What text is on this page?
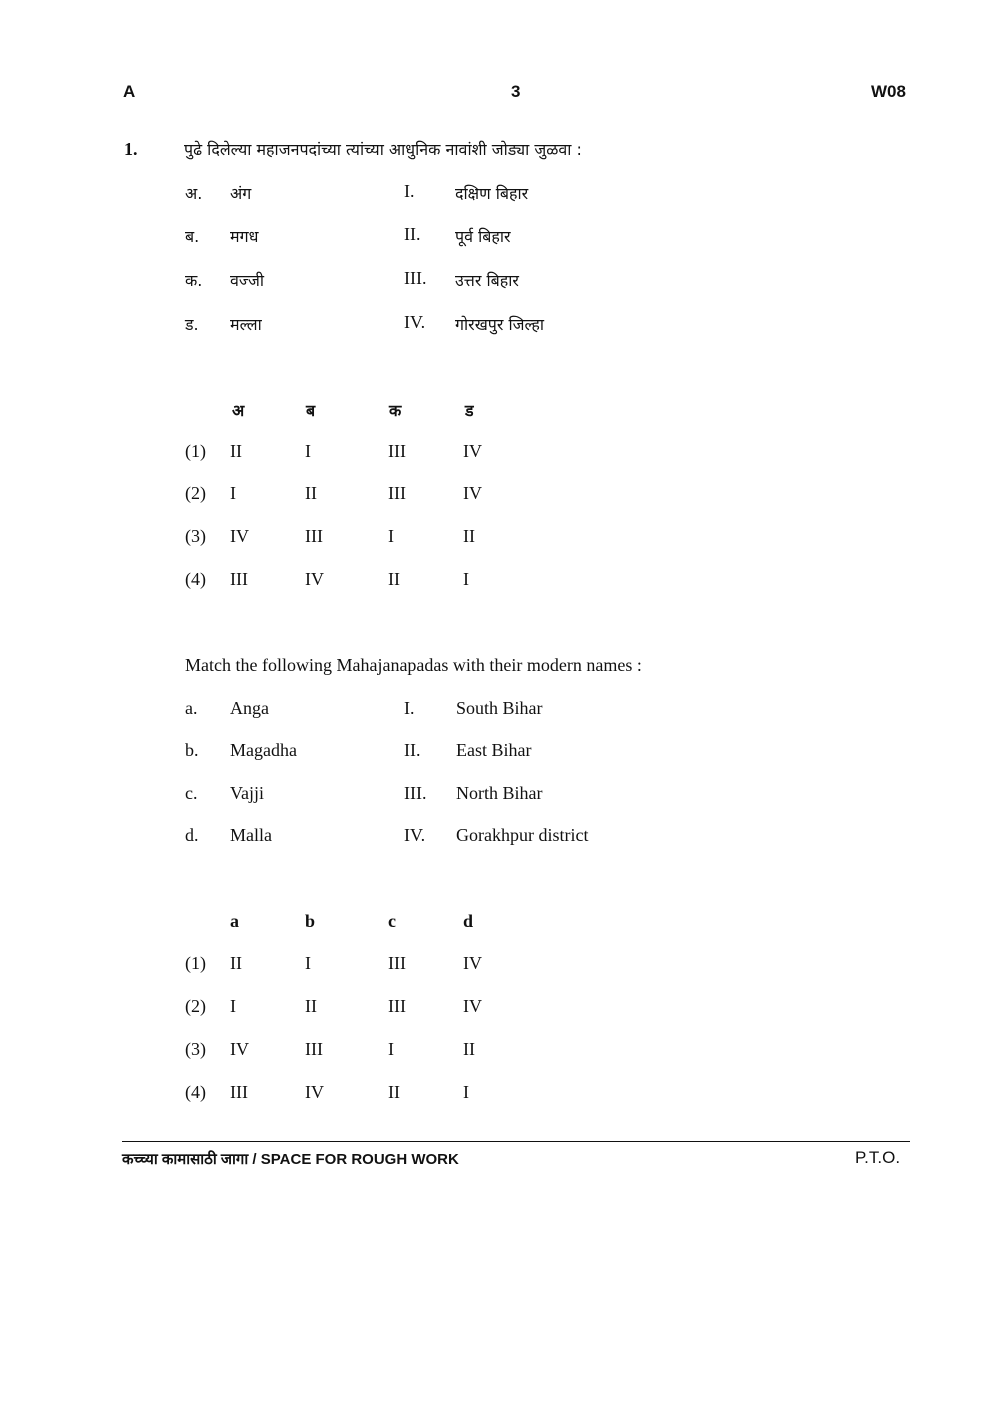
A	3	W08
1.	पुढे दिलेल्या महाजनपदांच्या त्यांच्या आधुनिक नावांशी जोड्या जुळवा :
अ. अंग	I.	दक्षिण बिहार
ब. मगध	II. पूर्व बिहार
क. वज्जी	III. उत्तर बिहार
ड. मल्ला	IV. गोरखपुर जिल्हा
अ	ब	क	ड
(1) II	I	III	IV
(2) I	II	III	IV
(3) IV	III	I	II
(4) III	IV	II	I
Match the following Mahajanapadas with their modern names :
a. Anga	I. South Bihar
b. Magadha	II. East Bihar
c. Vajji	III. North Bihar
d. Malla	IV. Gorakhpur district
a	b	c	d
(1) II	I	III	IV
(2) I	II	III	IV
(3) IV	III	I	II
(4) III	IV	II	I
कच्च्या कामासाठी जागा / SPACE FOR ROUGH WORK	P.T.O.
